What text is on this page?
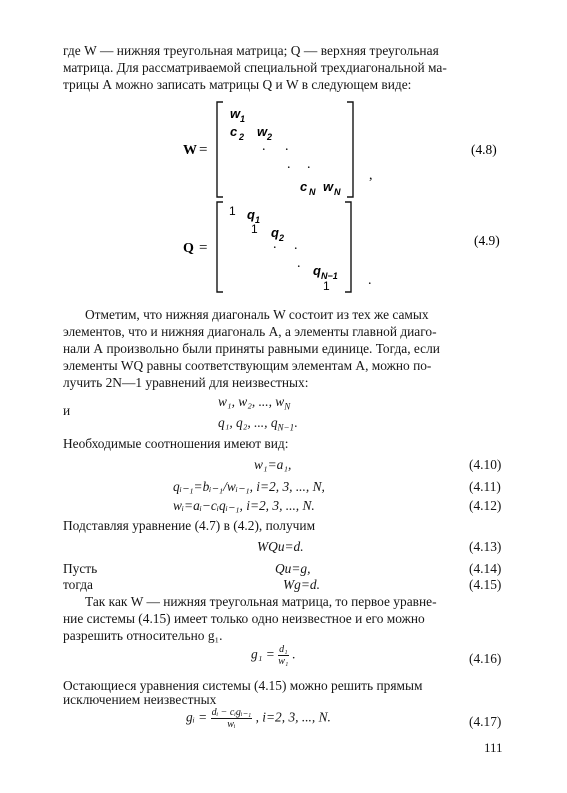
где W — нижняя треугольная матрица; Q — верхняя треугольная
матрица. Для рассматриваемой специальной трехдиагональной ма-
трицы А можно записать матрицы Q и W в следующем виде:
W =
w 1
c 2 w 2
. .
. .
c N w N
,
(4.8)
Q =
1 q 1
1 q 2
. .
. q N−1
1	.
(4.9)
Отметим, что нижняя диагональ W состоит из тех же самых
элементов, что и нижняя диагональ А, а элементы главной диаго-
нали А произвольно были приняты равными единице. Тогда, если
элементы WQ равны соответствующим элементам А, можно по-
лучить 2N—1 уравнений для неизвестных:
w₁, w₂, ..., $w_N$
и
q₁, q₂, ..., $q_{N-1}$.
Необходимые соотношения имеют вид:
w₁=a₁,	(4.10)
qᵢ₋₁=bᵢ₋₁/wᵢ₋₁, i=2, 3, ..., N,	(4.11)
wᵢ=aᵢ−cᵢqᵢ₋₁, i=2, 3, ..., N.	(4.12)
Подставляя уравнение (4.7) в (4.2), получим
WQu=d.	(4.13)
Пусть	Qu=g,	(4.14)
тогда	Wg=d.	(4.15)
Так как W — нижняя треугольная матрица, то первое уравне-
ние системы (4.15) имеет только одно неизвестное и его можно
разрешить относительно g₁.
$g_1 = \frac{\text{d₁}}{\text{w₁}}$ .	(4.16)
Остающиеся уравнения системы (4.15) можно решить прямым
исключением неизвестных
gᵢ = dᵢ − cᵢgᵢ₋₁
wᵢ	, i=2, 3, ..., N.	(4.17)
111
